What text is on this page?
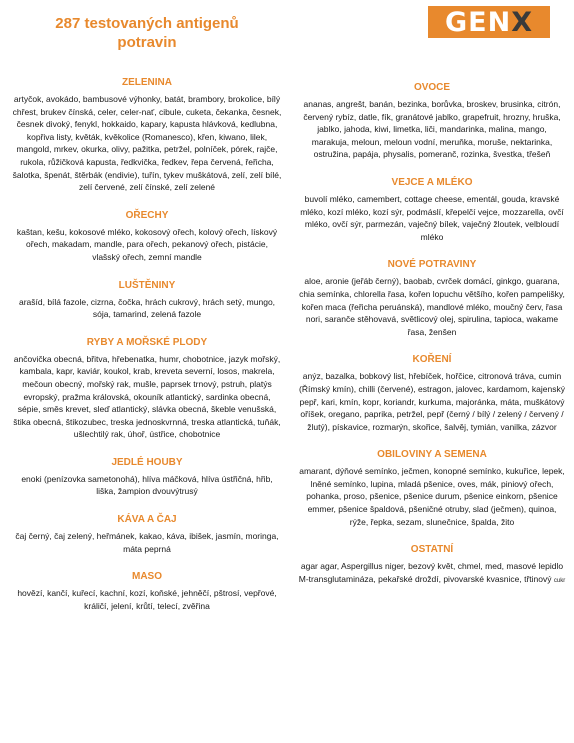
287 testovaných antigenů
potravin
GEN X
ZELENINA
artyčok, avokádo, bambusové výhonky, batát, brambory, brokolice, bílý chřest, brukev čínská, celer, celer-nať, cibule, cuketa, čekanka, česnek, česnek divoký, fenykl, hokkaido, kapary, kapusta hlávková, kedlubna, kopřiva listy, květák, kvěkolice (Romanesco), křen, kiwano, lilek, mangold, mrkev, okurka, olivy, pažitka, petržel, polníček, pórek, rajče, rukola, růžičková kapusta, ředkvička, ředkev, řepa červená, řeřicha, šalotka, špenát, štěrbák (endivie), tuřín, tykev muškátová, zelí, zelí bílé, zelí červené, zelí čínské, zelí zelené
OŘECHY
kaštan, kešu, kokosové mléko, kokosový ořech, kolový ořech, lískový ořech, makadam, mandle, para ořech, pekanový ořech, pistácie, vlašský ořech, zemní mandle
LUŠTĚNINY
arašíd, bílá fazole, cizrna, čočka, hrách cukrový, hrách setý, mungo, sója, tamarind, zelená fazole
RYBY A MOŘSKÉ PLODY
ančovička obecná, břitva, hřebenatka, humr, chobotnice, jazyk mořský, kambala, kapr, kaviár, koukol, krab, kreveta severní, losos, makrela, mečoun obecný, mořský rak, mušle, paprsek trnový, pstruh, platýs evropský, pražma královská, okouník atlantický, sardinka obecná, sépie, směs krevet, sleď atlantický, slávka obecná, škeble venušská, štika obecná, štikozubec, treska jednoskvrnná, treska atlantická, tuňák, ušlechtilý rak, úhoř, ústřice, chobotnice
JEDLÉ HOUBY
enoki (penízovka sametonohá), hlíva máčková, hlíva ústřičná, hřib, liška, žampion dvouvýtrusý
KÁVA A ČAJ
čaj černý, čaj zelený, heřmánek, kakao, káva, ibišek, jasmín, moringa, máta peprná
MASO
hovězí, kančí, kuřecí, kachní, kozí, koňské, jehněčí, pštrosí, vepřové, králičí, jelení, krůtí, telecí, zvěřina
OVOCE
ananas, angrešt, banán, bezinka, borůvka, broskev, brusinka, citrón, červený rybíz, datle, fík, granátové jablko, grapefruit, hrozny, hruška, jablko, jahoda, kiwi, limetka, liči, mandarinka, malina, mango, marakuja, meloun, meloun vodní, meruňka, moruše, nektarinka, ostružina, papája, physalis, pomeranč, rozinka, švestka, třešeň
VEJCE A MLÉKO
buvolí mléko, camembert, cottage cheese, ementál, gouda, kravské mléko, kozí mléko, kozí sýr, podmáslí, křepelčí vejce, mozzarella, ovčí mléko, ovčí sýr, parmezán, vaječný bílek, vaječný žloutek, velbloudí mléko
NOVÉ POTRAVINY
aloe, aronie (jeřáb černý), baobab, cvrček domácí, ginkgo, guarana, chia semínka, chlorella řasa, kořen lopuchu většího, kořen pampelišky, kořen maca (řeřicha peruánská), mandlové mléko, moučný červ, řasa nori, saranče stěhovavá, světlicový olej, spirulina, tapioca, wakame řasa, ženšen
KOŘENÍ
anýz, bazalka, bobkový list, hřebíček, hořčice, citronová tráva, cumin (Římský kmín), chilli (červené), estragon, jalovec, kardamom, kajenský pepř, kari, kmín, kopr, koriandr, kurkuma, majoránka, máta, muškátový oříšek, oregano, paprika, petržel, pepř (černý / bílý / zelený / červený / žlutý), pískavice, rozmarýn, skořice, šalvěj, tymián, vanilka, zázvor
OBILOVINY A SEMENA
amarant, dýňové semínko, ječmen, konopné semínko, kukuřice, lepek, lněné semínko, lupina, mladá pšenice, oves, mák, piniový ořech, pohanka, proso, pšenice, pšenice durum, pšenice einkorn, pšenice emmer, pšenice špaldová, pšeničné otruby, slad (ječmen), quinoa, rýže, řepka, sezam, slunečnice, špalda, žito
OSTATNÍ
agar agar, Aspergillus niger, bezový květ, chmel, med, masové lepidlo M-transglutamináza, pekařské droždí, pivovarské kvasnice, třtinový cukr
